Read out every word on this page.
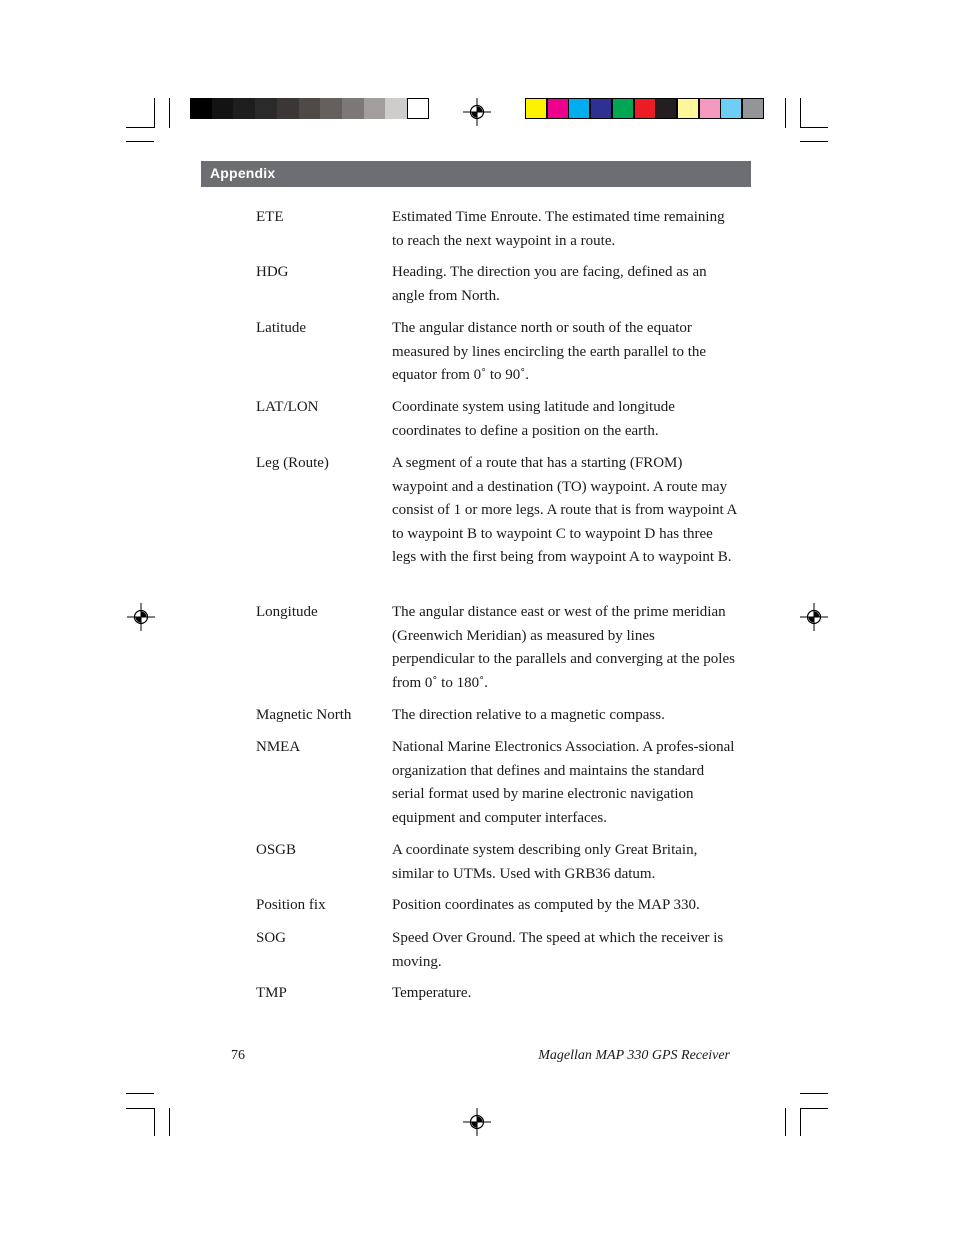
Appendix
ETE	Estimated Time Enroute. The estimated time remaining to reach the next waypoint in a route.
HDG	Heading. The direction you are facing, defined as an angle from North.
Latitude	The angular distance north or south of the equator measured by lines encircling the earth parallel to the equator from 0˚ to 90˚.
LAT/LON	Coordinate system using latitude and longitude coordinates to define a position on the earth.
Leg (Route)	A segment of a route that has a starting (FROM) waypoint and a destination (TO) waypoint. A route may consist of 1 or more legs. A route that is from waypoint A to waypoint B to waypoint C to waypoint D has three legs with the first being from waypoint A to waypoint B.
Longitude	The angular distance east or west of the prime meridian (Greenwich Meridian) as measured by lines perpendicular to the parallels and converging at the poles from 0˚ to 180˚.
Magnetic North	The direction relative to a magnetic compass.
NMEA	National Marine Electronics Association. A profes-sional organization that defines and maintains the standard serial format used by marine electronic navigation equipment and computer interfaces.
OSGB	A coordinate system describing only Great Britain, similar to UTMs. Used with GRB36 datum.
Position fix	Position coordinates as computed by the MAP 330.
SOG	Speed Over Ground. The speed at which the receiver is moving.
TMP	Temperature.
76	Magellan MAP 330 GPS Receiver
